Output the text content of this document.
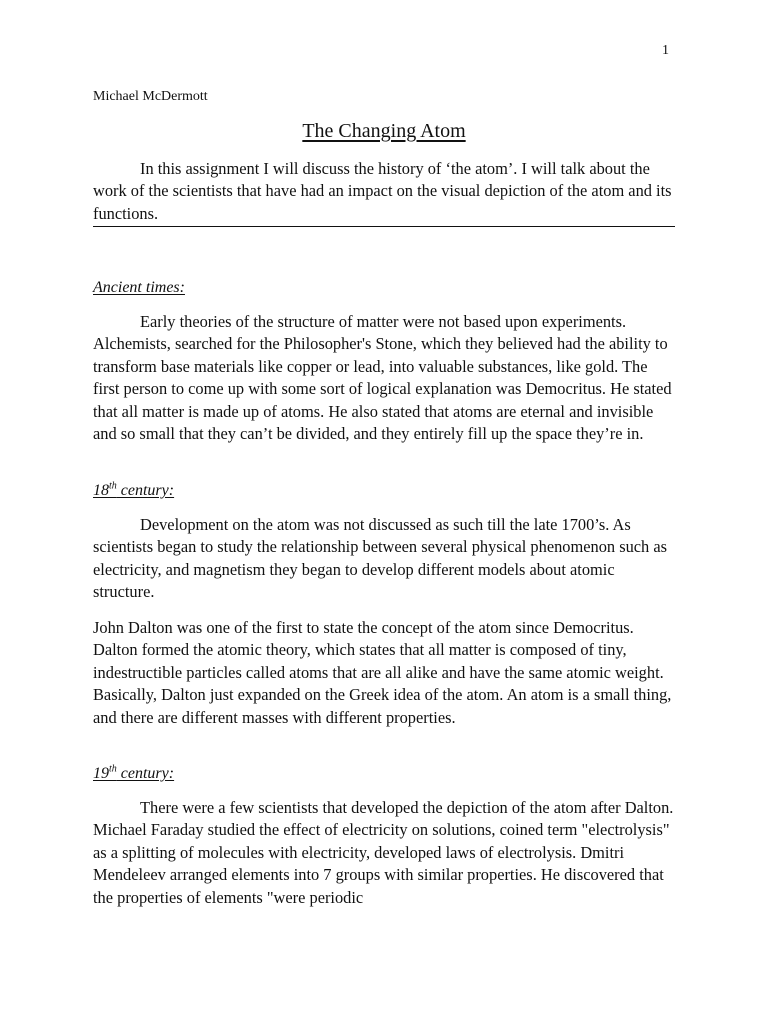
1
Michael McDermott
The Changing Atom

In this assignment I will discuss the history of ‘the atom’. I will talk about the work of the scientists that have had an impact on the visual depiction of the atom and its functions.

Ancient times:

Early theories of the structure of matter were not based upon experiments. Alchemists, searched for the Philosopher's Stone, which they believed had the ability to transform base materials like copper or lead, into valuable substances, like gold. The first person to come up with some sort of logical explanation was Democritus. He stated that all matter is made up of atoms. He also stated that atoms are eternal and invisible and so small that they can’t be divided, and they entirely fill up the space they’re in.

18th century:

Development on the atom was not discussed as such till the late 1700’s. As scientists began to study the relationship between several physical phenomenon such as electricity, and magnetism they began to develop different models about atomic structure.

John Dalton was one of the first to state the concept of the atom since Democritus. Dalton formed the atomic theory, which states that all matter is composed of tiny, indestructible particles called atoms that are all alike and have the same atomic weight. Basically, Dalton just expanded on the Greek idea of the atom. An atom is a small thing, and there are different masses with different properties.

19th century:

There were a few scientists that developed the depiction of the atom after Dalton. Michael Faraday studied the effect of electricity on solutions, coined term "electrolysis" as a splitting of molecules with electricity, developed laws of electrolysis. Dmitri Mendeleev arranged elements into 7 groups with similar properties. He discovered that the properties of elements "were periodic
